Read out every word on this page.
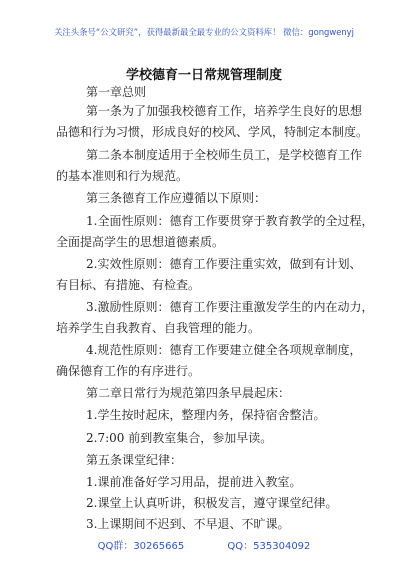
关注头条号“公文研究”，获得最新最全最专业的公文资料库！ 微信：gongwenyj
学校德育一日常规管理制度
第一章总则
第一条为了加强我校德育工作，培养学生良好的思想
品德和行为习惯，形成良好的校风、学风，特制定本制度。
第二条本制度适用于全校师生员工，是学校德育工作
的基本准则和行为规范。
第三条德育工作应遵循以下原则：
1.全面性原则：德育工作要贯穿于教育教学的全过程，
全面提高学生的思想道德素质。
2.实效性原则：德育工作要注重实效，做到有计划、
有目标、有措施、有检查。
3.激励性原则：德育工作要注重激发学生的内在动力，
培养学生自我教育、自我管理的能力。
4.规范性原则：德育工作要建立健全各项规章制度，
确保德育工作的有序进行。
第二章日常行为规范第四条早晨起床：
1.学生按时起床，整理内务，保持宿舍整洁。
2.7:00 前到教室集合，参加早读。
第五条课堂纪律：
1.课前准备好学习用品，提前进入教室。
2.课堂上认真听讲，积极发言，遵守课堂纪律。
3.上课期间不迟到、不早退、不旷课。
QQ群：30265665	QQ：535304092
